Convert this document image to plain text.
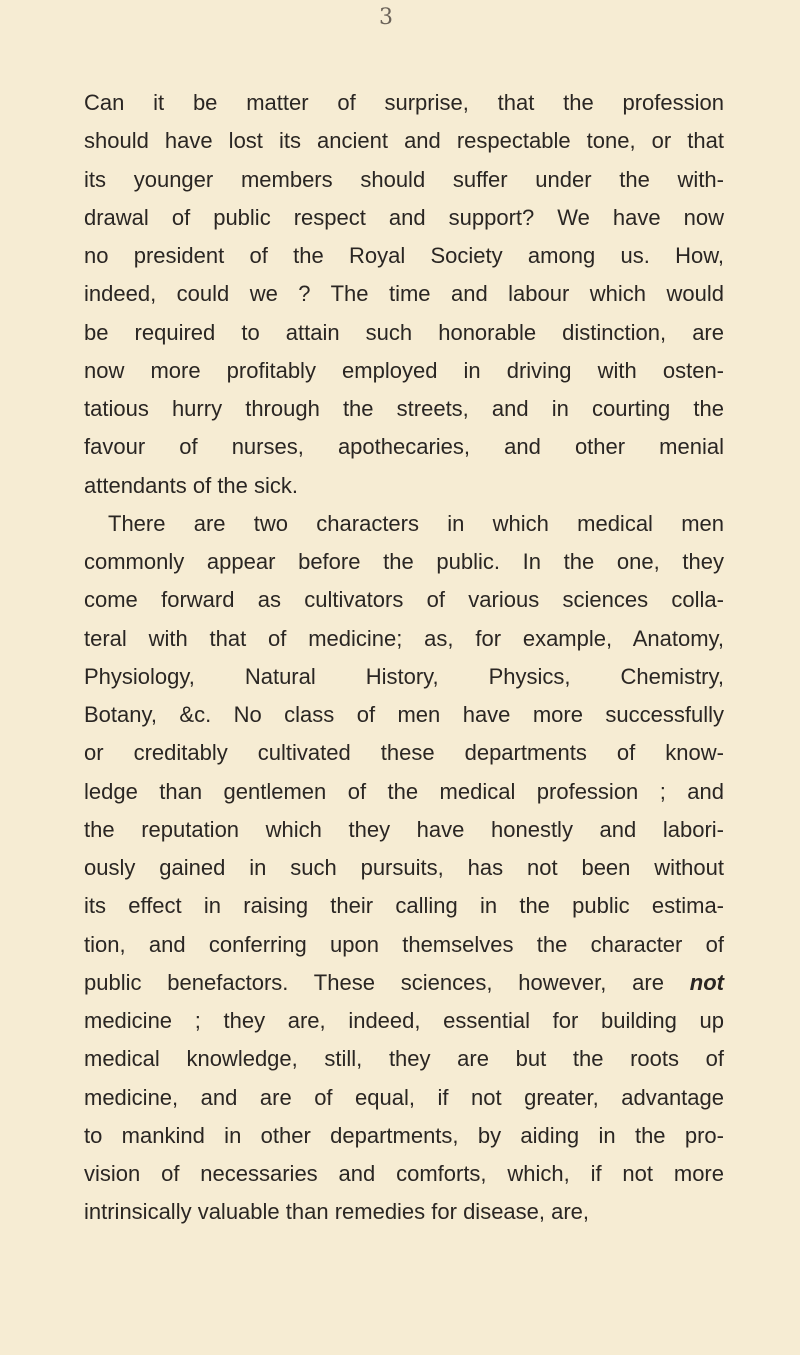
3
Can it be matter of surprise, that the profession
should have lost its ancient and respectable tone, or that
its younger members should suffer under the with-
drawal of public respect and support? We have now
no president of the Royal Society among us. How,
indeed, could we ? The time and labour which would
be required to attain such honorable distinction, are
now more profitably employed in driving with osten-
tatious hurry through the streets, and in courting the
favour of nurses, apothecaries, and other menial
attendants of the sick.
There are two characters in which medical men
commonly appear before the public. In the one, they
come forward as cultivators of various sciences colla-
teral with that of medicine; as, for example, Anatomy,
Physiology, Natural History, Physics, Chemistry,
Botany, &c. No class of men have more successfully
or creditably cultivated these departments of know-
ledge than gentlemen of the medical profession ; and
the reputation which they have honestly and labori-
ously gained in such pursuits, has not been without
its effect in raising their calling in the public estima-
tion, and conferring upon themselves the character of
public benefactors. These sciences, however, are not
medicine ; they are, indeed, essential for building up
medical knowledge, still, they are but the roots of
medicine, and are of equal, if not greater, advantage
to mankind in other departments, by aiding in the pro-
vision of necessaries and comforts, which, if not more
intrinsically valuable than remedies for disease, are,
